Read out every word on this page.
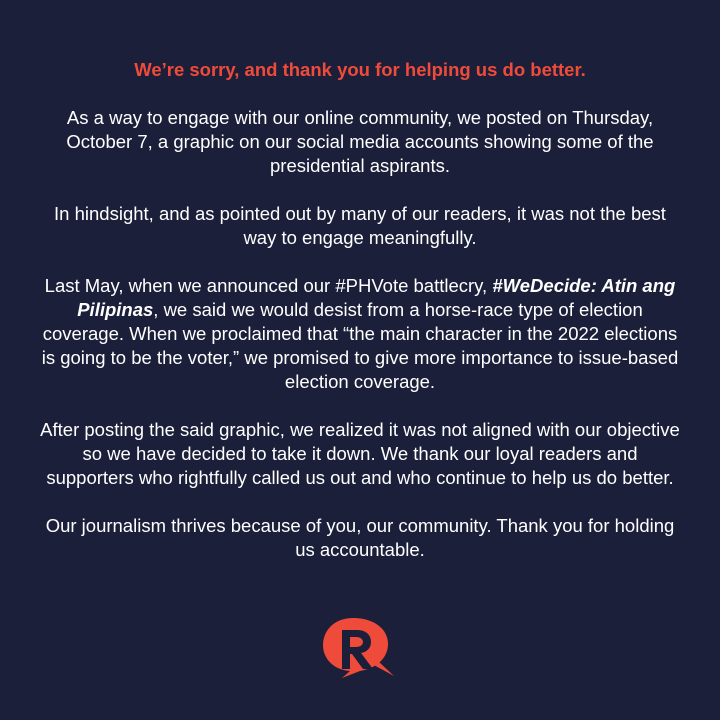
We’re sorry, and thank you for helping us do better.

As a way to engage with our online community, we posted on Thursday, October 7, a graphic on our social media accounts showing some of the presidential aspirants.

In hindsight, and as pointed out by many of our readers, it was not the best way to engage meaningfully.

Last May, when we announced our #PHVote battlecry, #WeDecide: Atin ang Pilipinas, we said we would desist from a horse-race type of election coverage. When we proclaimed that “the main character in the 2022 elections is going to be the voter,” we promised to give more importance to issue-based election coverage.

After posting the said graphic, we realized it was not aligned with our objective so we have decided to take it down. We thank our loyal readers and supporters who rightfully called us out and who continue to help us do better.

Our journalism thrives because of you, our community. Thank you for holding us accountable.
